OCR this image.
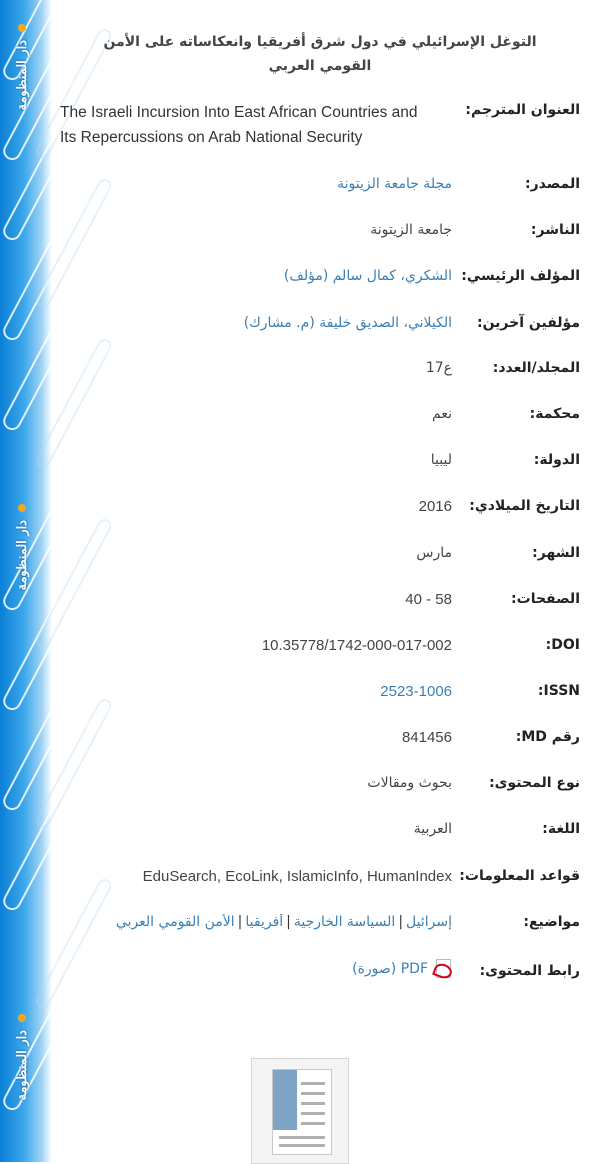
دار المنظومة
دار المنظومة
دار المنظومة
التوغل الإسرائيلي في دول شرق أفريقيا وانعكاساته على الأمن القومي العربي
العنوان المترجم:
The Israeli Incursion Into East African Countries and Its Repercussions on Arab National Security
المصدر:
مجلة جامعة الزيتونة
الناشر:
جامعة الزيتونة
المؤلف الرئيسي:
الشكري، كمال سالم (مؤلف)
مؤلفين آخرين:
الكيلاني، الصديق خليفة (م. مشارك)
المجلد/العدد:
ع17
محكمة:
نعم
الدولة:
ليبيا
التاريخ الميلادي:
2016
الشهر:
مارس
الصفحات:
40 - 58
DOI:
10.35778/1742-000-017-002
ISSN:
2523-1006
رقم MD:
841456
نوع المحتوى:
بحوث ومقالات
اللغة:
العربية
قواعد المعلومات:
EduSearch, EcoLink, IslamicInfo, HumanIndex
مواضيع:
إسرائيل|السياسة الخارجية|أفريقيا|الأمن القومي العربي
رابط المحتوى:
PDF (صورة)
